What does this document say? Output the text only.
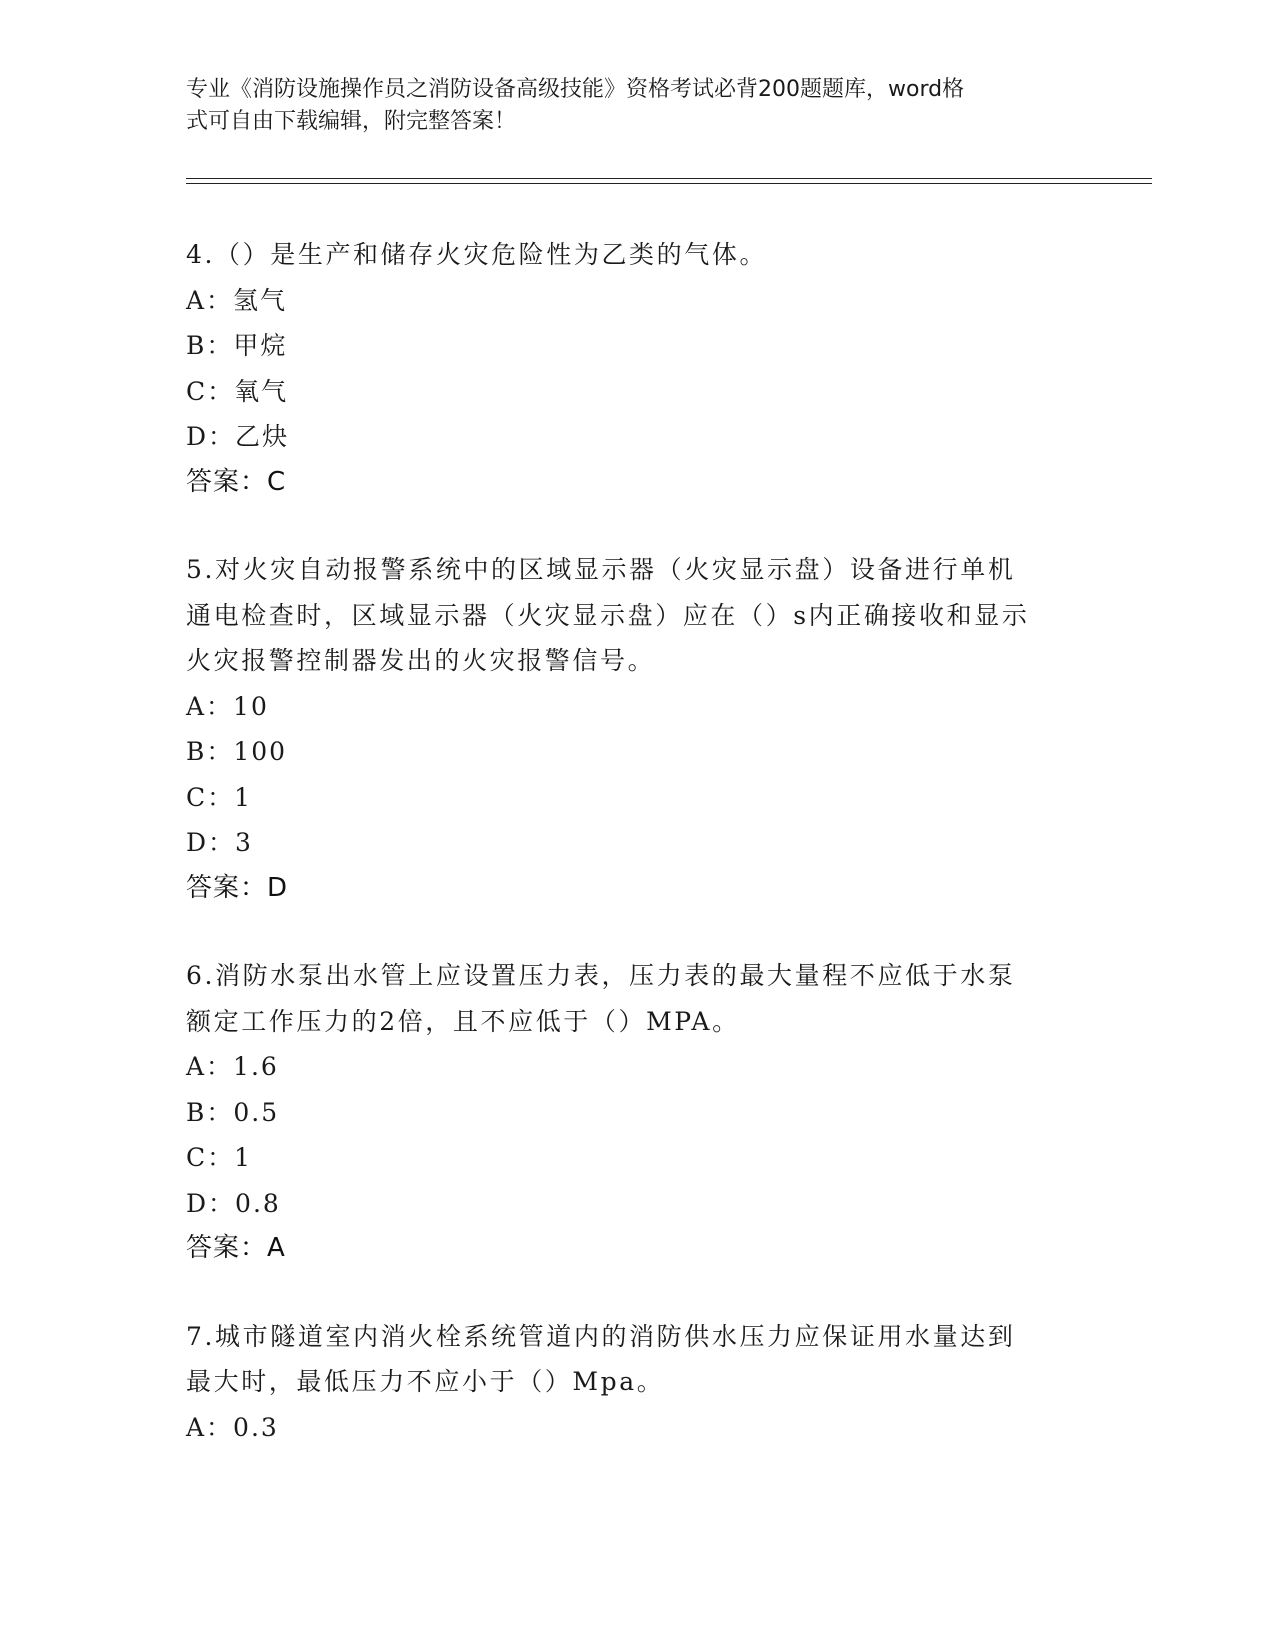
专业《消防设施操作员之消防设备高级技能》资格考试必背200题题库，word格
式可自由下载编辑，附完整答案！
4.（）是生产和储存火灾危险性为乙类的气体。
A：氢气
B：甲烷
C：氧气
D：乙炔
答案：C
5.对火灾自动报警系统中的区域显示器（火灾显示盘）设备进行单机
通电检查时，区域显示器（火灾显示盘）应在（）s内正确接收和显示
火灾报警控制器发出的火灾报警信号。
A：10
B：100
C：1
D：3
答案：D
6.消防水泵出水管上应设置压力表，压力表的最大量程不应低于水泵
额定工作压力的2倍，且不应低于（）MPA。
A：1.6
B：0.5
C：1
D：0.8
答案：A
7.城市隧道室内消火栓系统管道内的消防供水压力应保证用水量达到
最大时，最低压力不应小于（）Mpa。
A：0.3
